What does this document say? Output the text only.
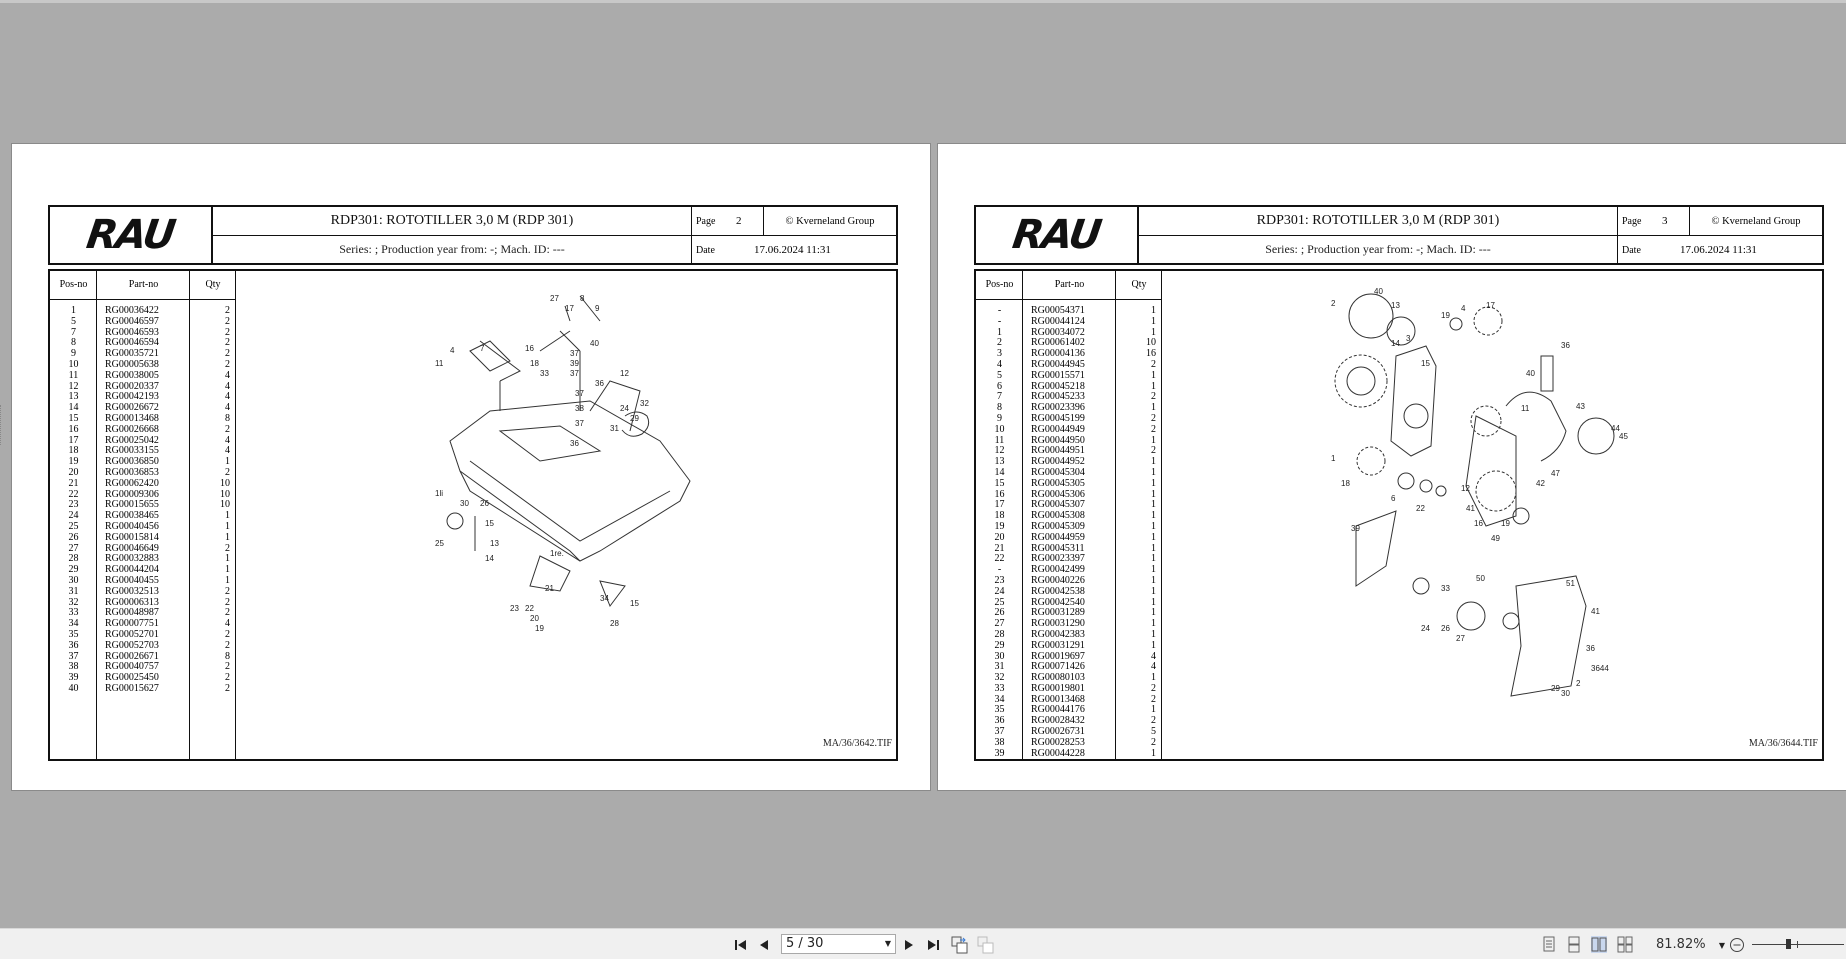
RAU	RDP301: ROTOTILLER 3,0 M (RDP 301)
Series: ; Production year from: -; Mach. ID: ---
Page 2	© Kverneland Group
Date	17.06.2024 11:31
Pos-no	Part-no	Qty
1	RG00036422	2
5	RG00046597	2
7	RG00046593	2
8	RG00046594	2
9	RG00035721	2
10	RG00005638	2
11	RG00038005	4
12	RG00020337	4
13	RG00042193	4
14	RG00026672	4
15	RG00013468	8
16	RG00026668	2
17	RG00025042	4
18	RG00033155	4
19	RG00036850	1
20	RG00036853	2
21	RG00062420	10
22	RG00009306	10
23	RG00015655	10
24	RG00038465	1
25	RG00040456	1
26	RG00015814	1
27	RG00046649	2
28	RG00032883	1
29	RG00044204	1
30	RG00040455	1
31	RG00032513	2
32	RG00006313	2
33	RG00048987	2
34	RG00007751	4
35	RG00052701	2
36	RG00052703	2
37	RG00026671	8
38	RG00040757	2
39	RG00025450	2
40	RG00015627	2
27	8
9
17
4
11
7	16
18
33
40
37
39
37	12
36
37
38
37
24
29
31
32
36
1li
30 26
25
15
13
14
1re.
21
23 22
20
19
34
15
28
MA/36/3642.TIF
RAU	RDP301: ROTOTILLER 3,0 M (RDP 301)
Series: ; Production year from: -; Mach. ID: ---
Page 3	© Kverneland Group
Date	17.06.2024 11:31
Pos-no	Part-no	Qty
-	RG00054371	1
-	RG00044124	1
1	RG00034072	1
2	RG00061402	10
3	RG00004136	16
4	RG00044945	2
5	RG00015571	1
6	RG00045218	1
7	RG00045233	2
8	RG00023396	1
9	RG00045199	2
10	RG00044949	2
11	RG00044950	1
12	RG00044951	2
13	RG00044952	1
14	RG00045304	1
15	RG00045305	1
16	RG00045306	1
17	RG00045307	1
18	RG00045308	1
19	RG00045309	1
20	RG00044959	1
21	RG00045311	1
22	RG00023397	1
-	RG00042499	1
23	RG00040226	1
24	RG00042538	1
25	RG00042540	1
26	RG00031289	1
27	RG00031290	1
28	RG00042383	1
29	RG00031291	1
30	RG00019697	4
31	RG00071426	4
32	RG00080103	1
33	RG00019801	2
34	RG00013468	2
35	RG00044176	1
36	RG00028432	2
37	RG00026731	5
38	RG00028253	2
39	RG00044228	1
2
40
13
19
4	17
14
3
15
36
40
11	43
44
45
1
18
6
22
12
41
16 19
49
42
47
39
50
33
51
41
36
24 26
27
29
30
2
3644
MA/36/3644.TIF
5 / 30	▼	81.82% ▼
